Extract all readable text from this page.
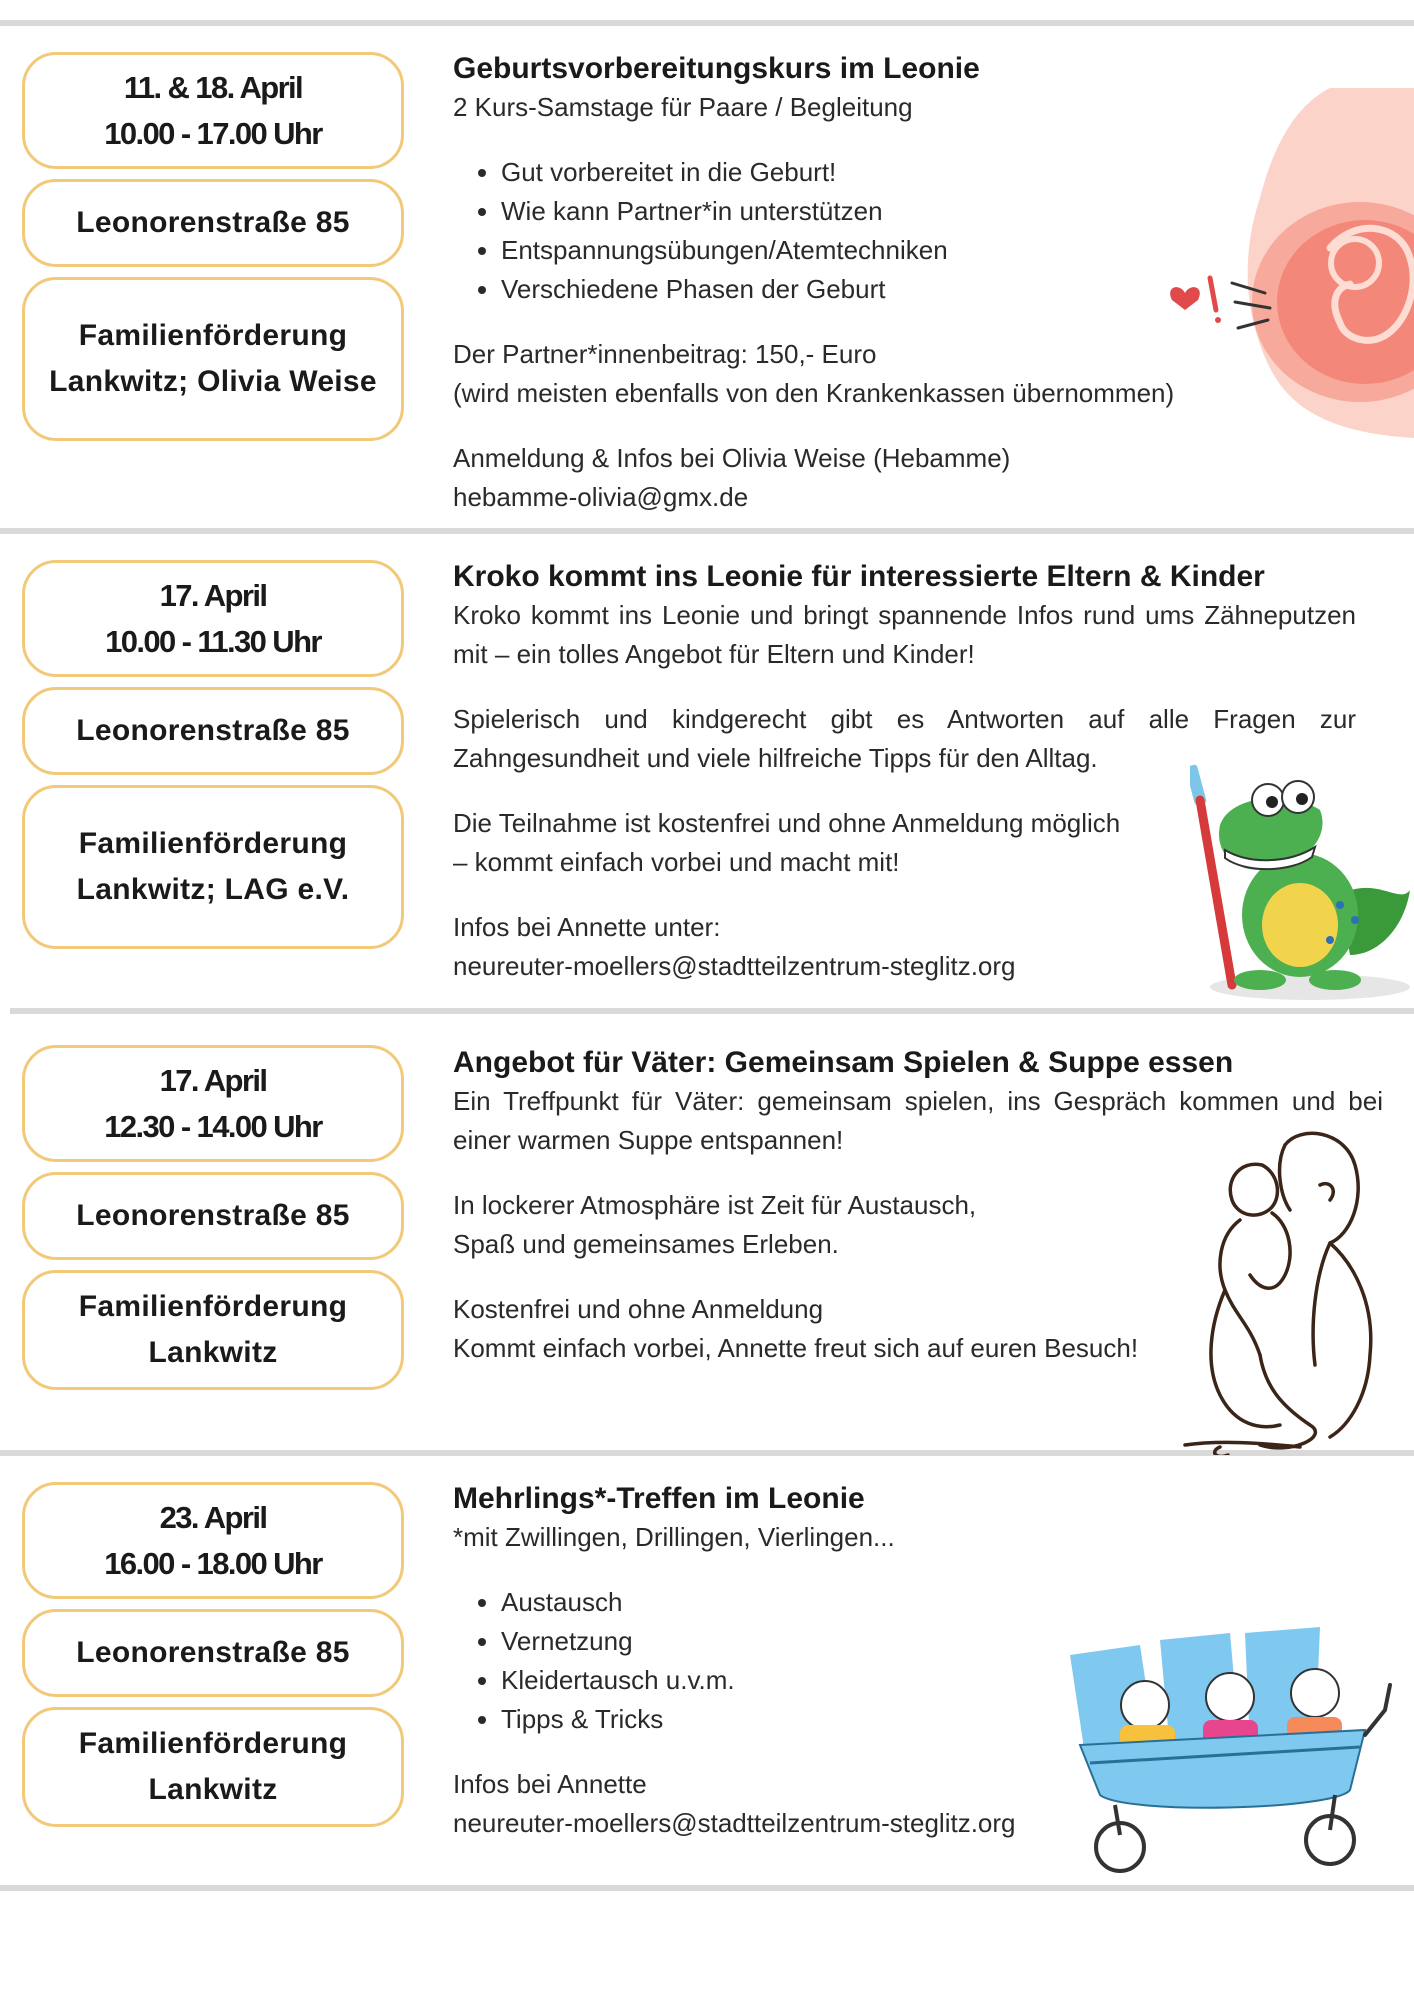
11. & 18. April
10.00 - 17.00 Uhr
Leonorenstraße 85
Familienförderung
Lankwitz; Olivia Weise
Geburtsvorbereitungskurs im Leonie

2 Kurs-Samstage für Paare / Begleitung

• Gut vorbereitet in die Geburt!
• Wie kann Partner*in unterstützen
• Entspannungsübungen/Atemtechniken
• Verschiedene Phasen der Geburt

Der Partner*innenbeitrag: 150,- Euro

(wird meisten ebenfalls von den Krankenkassen übernommen)

Anmeldung & Infos bei Olivia Weise (Hebamme)

hebamme-olivia@gmx.de

17. April
10.00 - 11.30 Uhr
Leonorenstraße 85
Familienförderung
Lankwitz; LAG e.V.
Kroko kommt ins Leonie für interessierte Eltern & Kinder

Kroko kommt ins Leonie und bringt spannende Infos rund ums Zähneputzen mit – ein tolles Angebot für Eltern und Kinder!

Spielerisch und kindgerecht gibt es Antworten auf alle Fragen zur Zahngesundheit und viele hilfreiche Tipps für den Alltag.

Die Teilnahme ist kostenfrei und ohne Anmeldung möglich

– kommt einfach vorbei und macht mit!

Infos bei Annette unter:

neureuter-moellers@stadtteilzentrum-steglitz.org

17. April
12.30 - 14.00 Uhr
Leonorenstraße 85
Familienförderung
Lankwitz
Angebot für Väter: Gemeinsam Spielen & Suppe essen

Ein Treffpunkt für Väter: gemeinsam spielen, ins Gespräch kommen und bei einer warmen Suppe entspannen!

In lockerer Atmosphäre ist Zeit für Austausch,

Spaß und gemeinsames Erleben.

Kostenfrei und ohne Anmeldung

Kommt einfach vorbei, Annette freut sich auf euren Besuch!

23. April
16.00 - 18.00 Uhr
Leonorenstraße 85
Familienförderung
Lankwitz
Mehrlings*-Treffen im Leonie

*mit Zwillingen, Drillingen, Vierlingen...

• Austausch
• Vernetzung
• Kleidertausch u.v.m.
• Tipps & Tricks

Infos bei Annette

neureuter-moellers@stadtteilzentrum-steglitz.org
